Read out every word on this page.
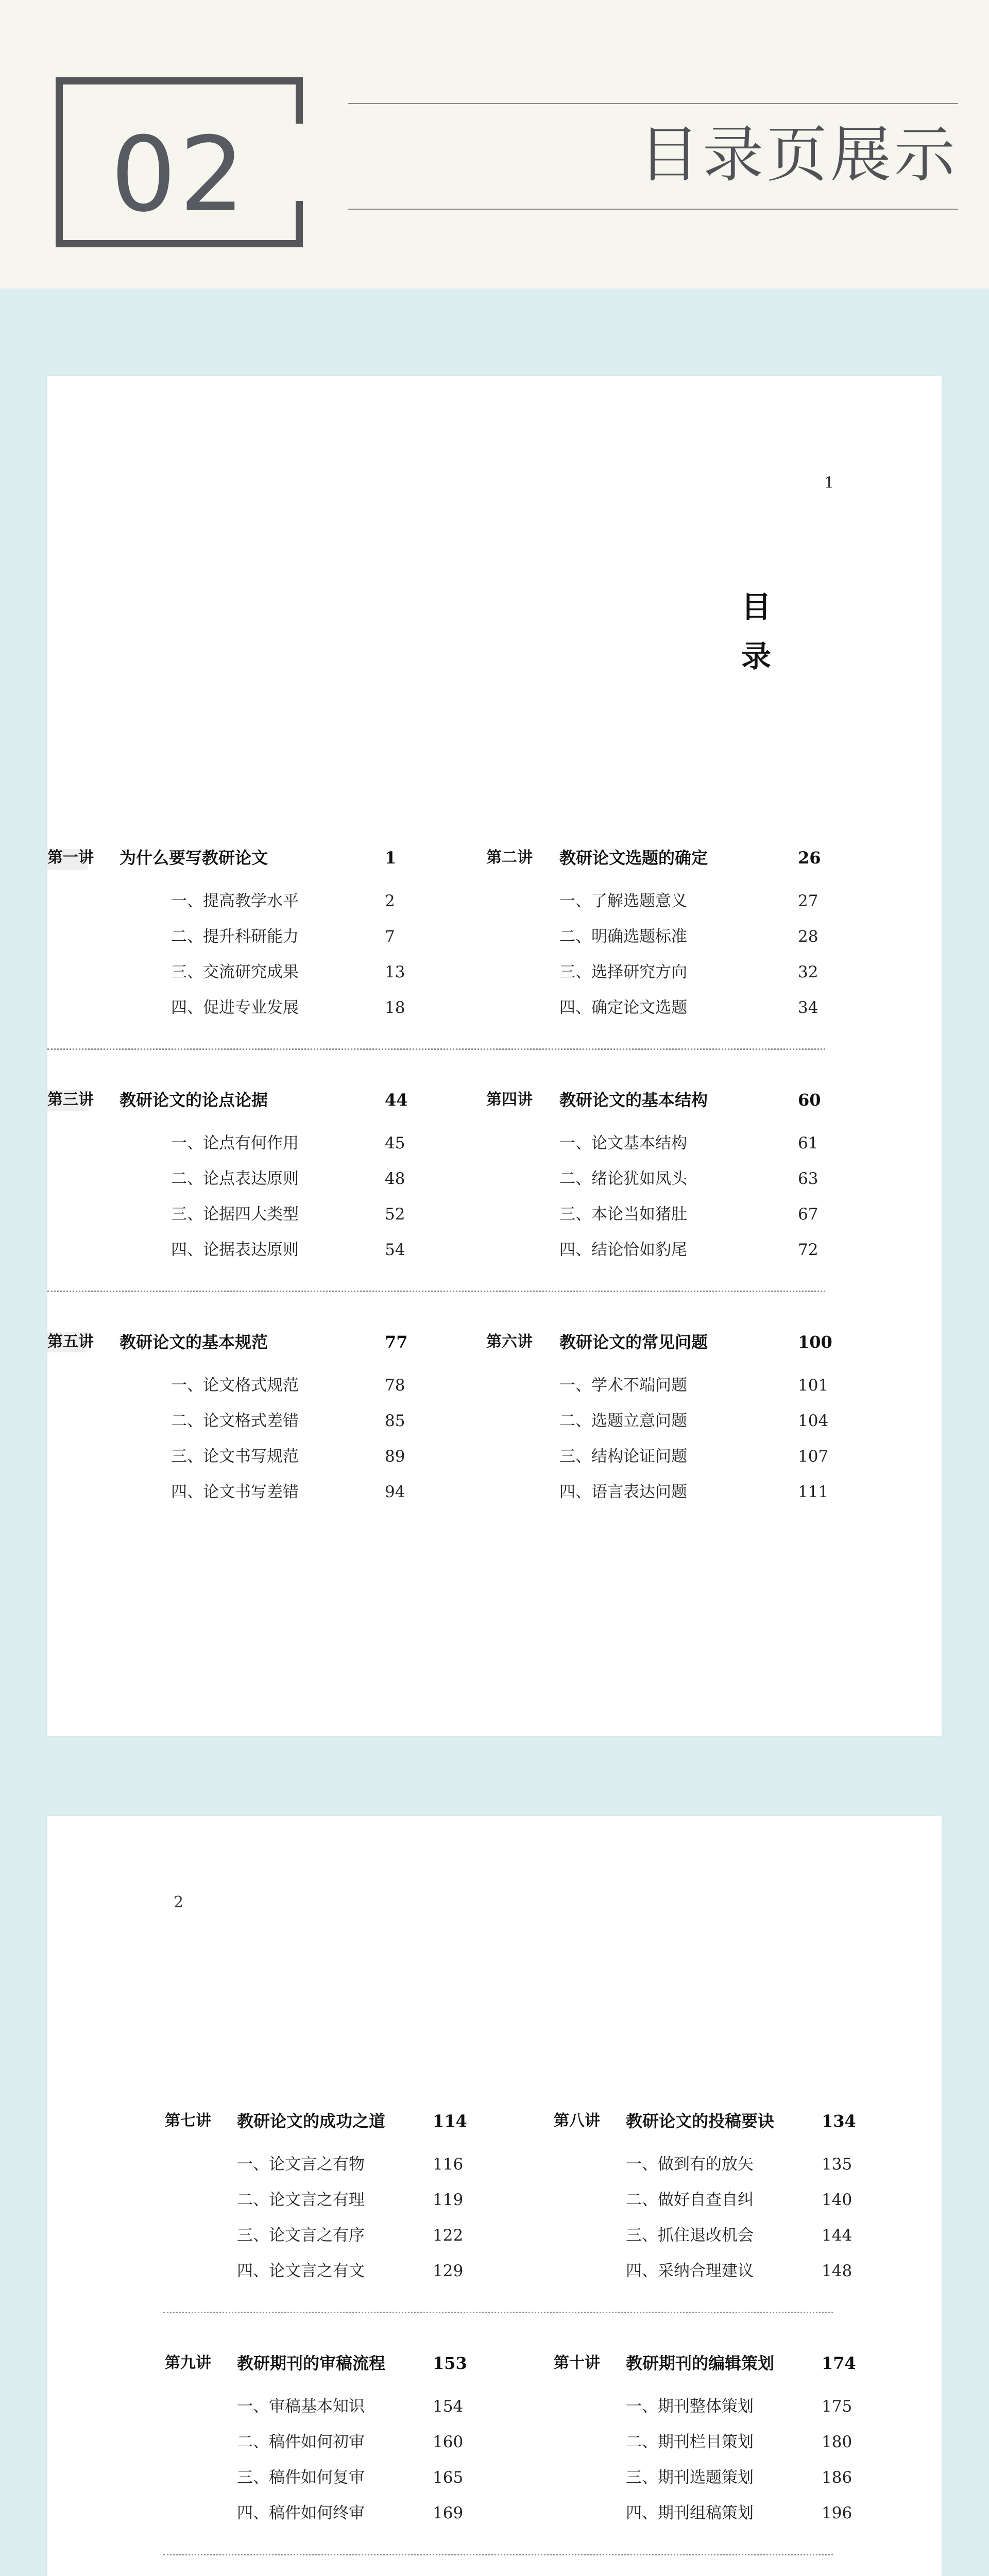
02	目录页展示
1
目
录
第一讲 为什么要写教研论文	1
一、提高教学水平	2
二、提升科研能力	7
三、交流研究成果	13
四、促进专业发展	18
第二讲 教研论文选题的确定	26
一、了解选题意义	27
二、明确选题标准	28
三、选择研究方向	32
四、确定论文选题	34
第三讲 教研论文的论点论据	44
一、论点有何作用	45
二、论点表达原则	48
三、论据四大类型	52
四、论据表达原则	54
第四讲 教研论文的基本结构	60
一、论文基本结构	61
二、绪论犹如凤头	63
三、本论当如猪肚	67
四、结论恰如豹尾	72
第五讲 教研论文的基本规范	77
一、论文格式规范	78
二、论文格式差错	85
三、论文书写规范	89
四、论文书写差错	94
第六讲 教研论文的常见问题	100
一、学术不端问题	101
二、选题立意问题	104
三、结构论证问题	107
四、语言表达问题	111
2
第七讲 教研论文的成功之道	114
一、论文言之有物	116
二、论文言之有理	119
三、论文言之有序	122
四、论文言之有文	129
第八讲 教研论文的投稿要诀	134
一、做到有的放矢	135
二、做好自查自纠	140
三、抓住退改机会	144
四、采纳合理建议	148
第九讲 教研期刊的审稿流程	153
一、审稿基本知识	154
二、稿件如何初审	160
三、稿件如何复审	165
四、稿件如何终审	169
第十讲 教研期刊的编辑策划	174
一、期刊整体策划	175
二、期刊栏目策划	180
三、期刊选题策划	186
四、期刊组稿策划	196
